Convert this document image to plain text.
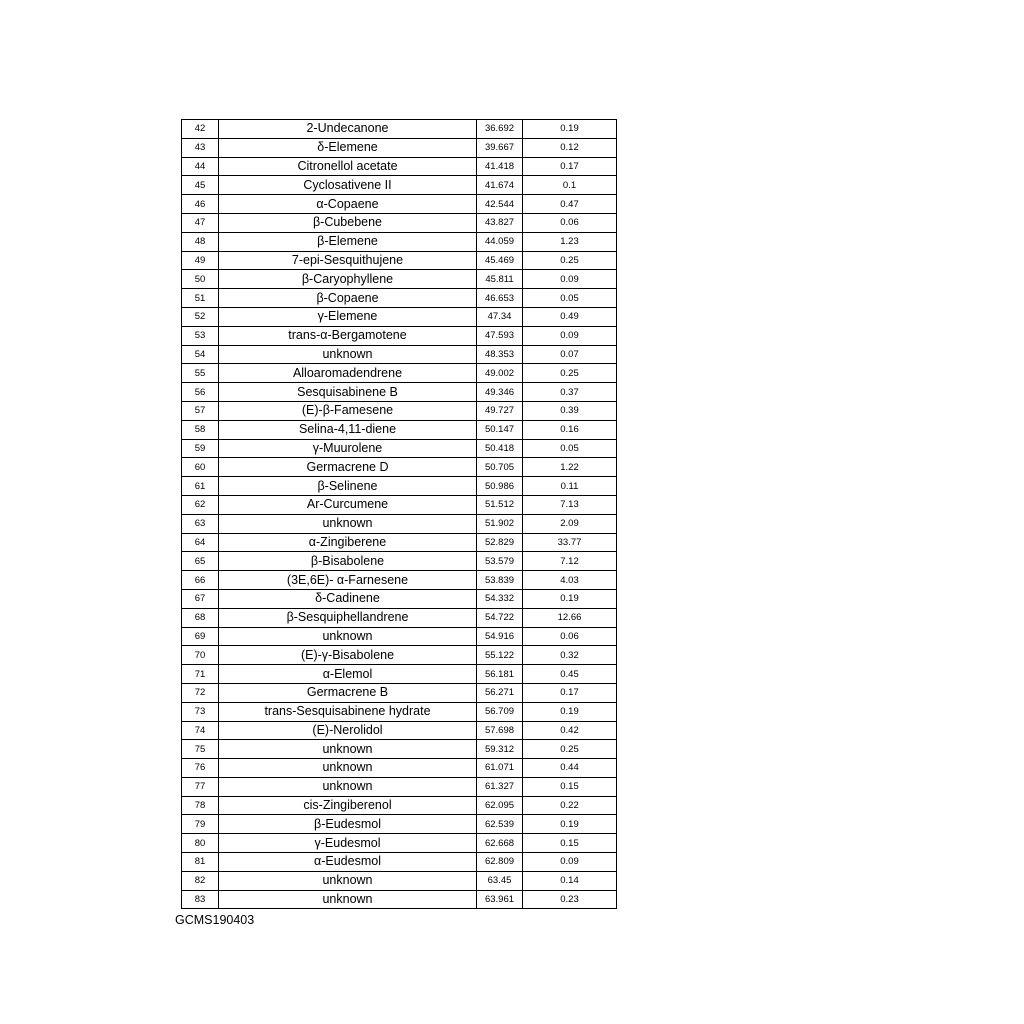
42	2-Undecanone	36.692	0.19
43	δ-Elemene	39.667	0.12
44	Citronellol acetate	41.418	0.17
45	Cyclosativene II	41.674	0.1
46	α-Copaene	42.544	0.47
47	β-Cubebene	43.827	0.06
48	β-Elemene	44.059	1.23
49	7-epi-Sesquithujene	45.469	0.25
50	β-Caryophyllene	45.811	0.09
51	β-Copaene	46.653	0.05
52	γ-Elemene	47.34	0.49
53	trans-α-Bergamotene	47.593	0.09
54	unknown	48.353	0.07
55	Alloaromadendrene	49.002	0.25
56	Sesquisabinene B	49.346	0.37
57	(E)-β-Famesene	49.727	0.39
58	Selina-4,11-diene	50.147	0.16
59	γ-Muurolene	50.418	0.05
60	Germacrene D	50.705	1.22
61	β-Selinene	50.986	0.11
62	Ar-Curcumene	51.512	7.13
63	unknown	51.902	2.09
64	α-Zingiberene	52.829	33.77
65	β-Bisabolene	53.579	7.12
66	(3E,6E)- α-Farnesene	53.839	4.03
67	δ-Cadinene	54.332	0.19
68	β-Sesquiphellandrene	54.722	12.66
69	unknown	54.916	0.06
70	(E)-γ-Bisabolene	55.122	0.32
71	α-Elemol	56.181	0.45
72	Germacrene B	56.271	0.17
73	trans-Sesquisabinene hydrate	56.709	0.19
74	(E)-Nerolidol	57.698	0.42
75	unknown	59.312	0.25
76	unknown	61.071	0.44
77	unknown	61.327	0.15
78	cis-Zingiberenol	62.095	0.22
79	β-Eudesmol	62.539	0.19
80	γ-Eudesmol	62.668	0.15
81	α-Eudesmol	62.809	0.09
82	unknown	63.45	0.14
83	unknown	63.961	0.23
GCMS190403
